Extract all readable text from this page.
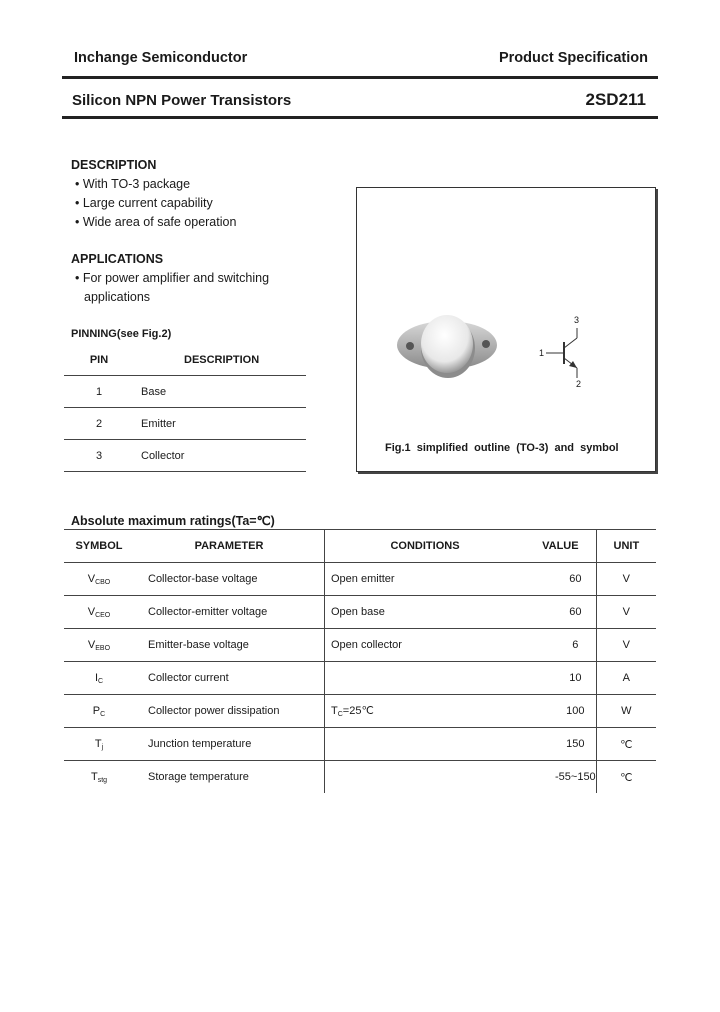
Inchange Semiconductor	Product Specification
Silicon NPN Power Transistors	2SD211
DESCRIPTION
• With TO-3 package
• Large current capability
• Wide area of safe operation
APPLICATIONS
• For power amplifier and switching
applications
PINNING(see Fig.2)
PIN	DESCRIPTION
1	Base
2	Emitter
3	Collector
1
2
3
Fig.1 simplified outline (TO-3) and symbol
Absolute maximum ratings(Ta=℃)
SYMBOL	PARAMETER	CONDITIONS	VALUE	UNIT
$V_{CBO}$	Collector-base voltage	Open emitter	60	V
$V_{CEO}$	Collector-emitter voltage	Open base	60	V
$V_{EBO}$	Emitter-base voltage	Open collector	6	V
$I_C$	Collector current		10	A
$P_C$	Collector power dissipation	$T_C=25℃$	100	W
$T_j$	Junction temperature		150	℃
$T_{stg}$	Storage temperature		-55~150	℃
